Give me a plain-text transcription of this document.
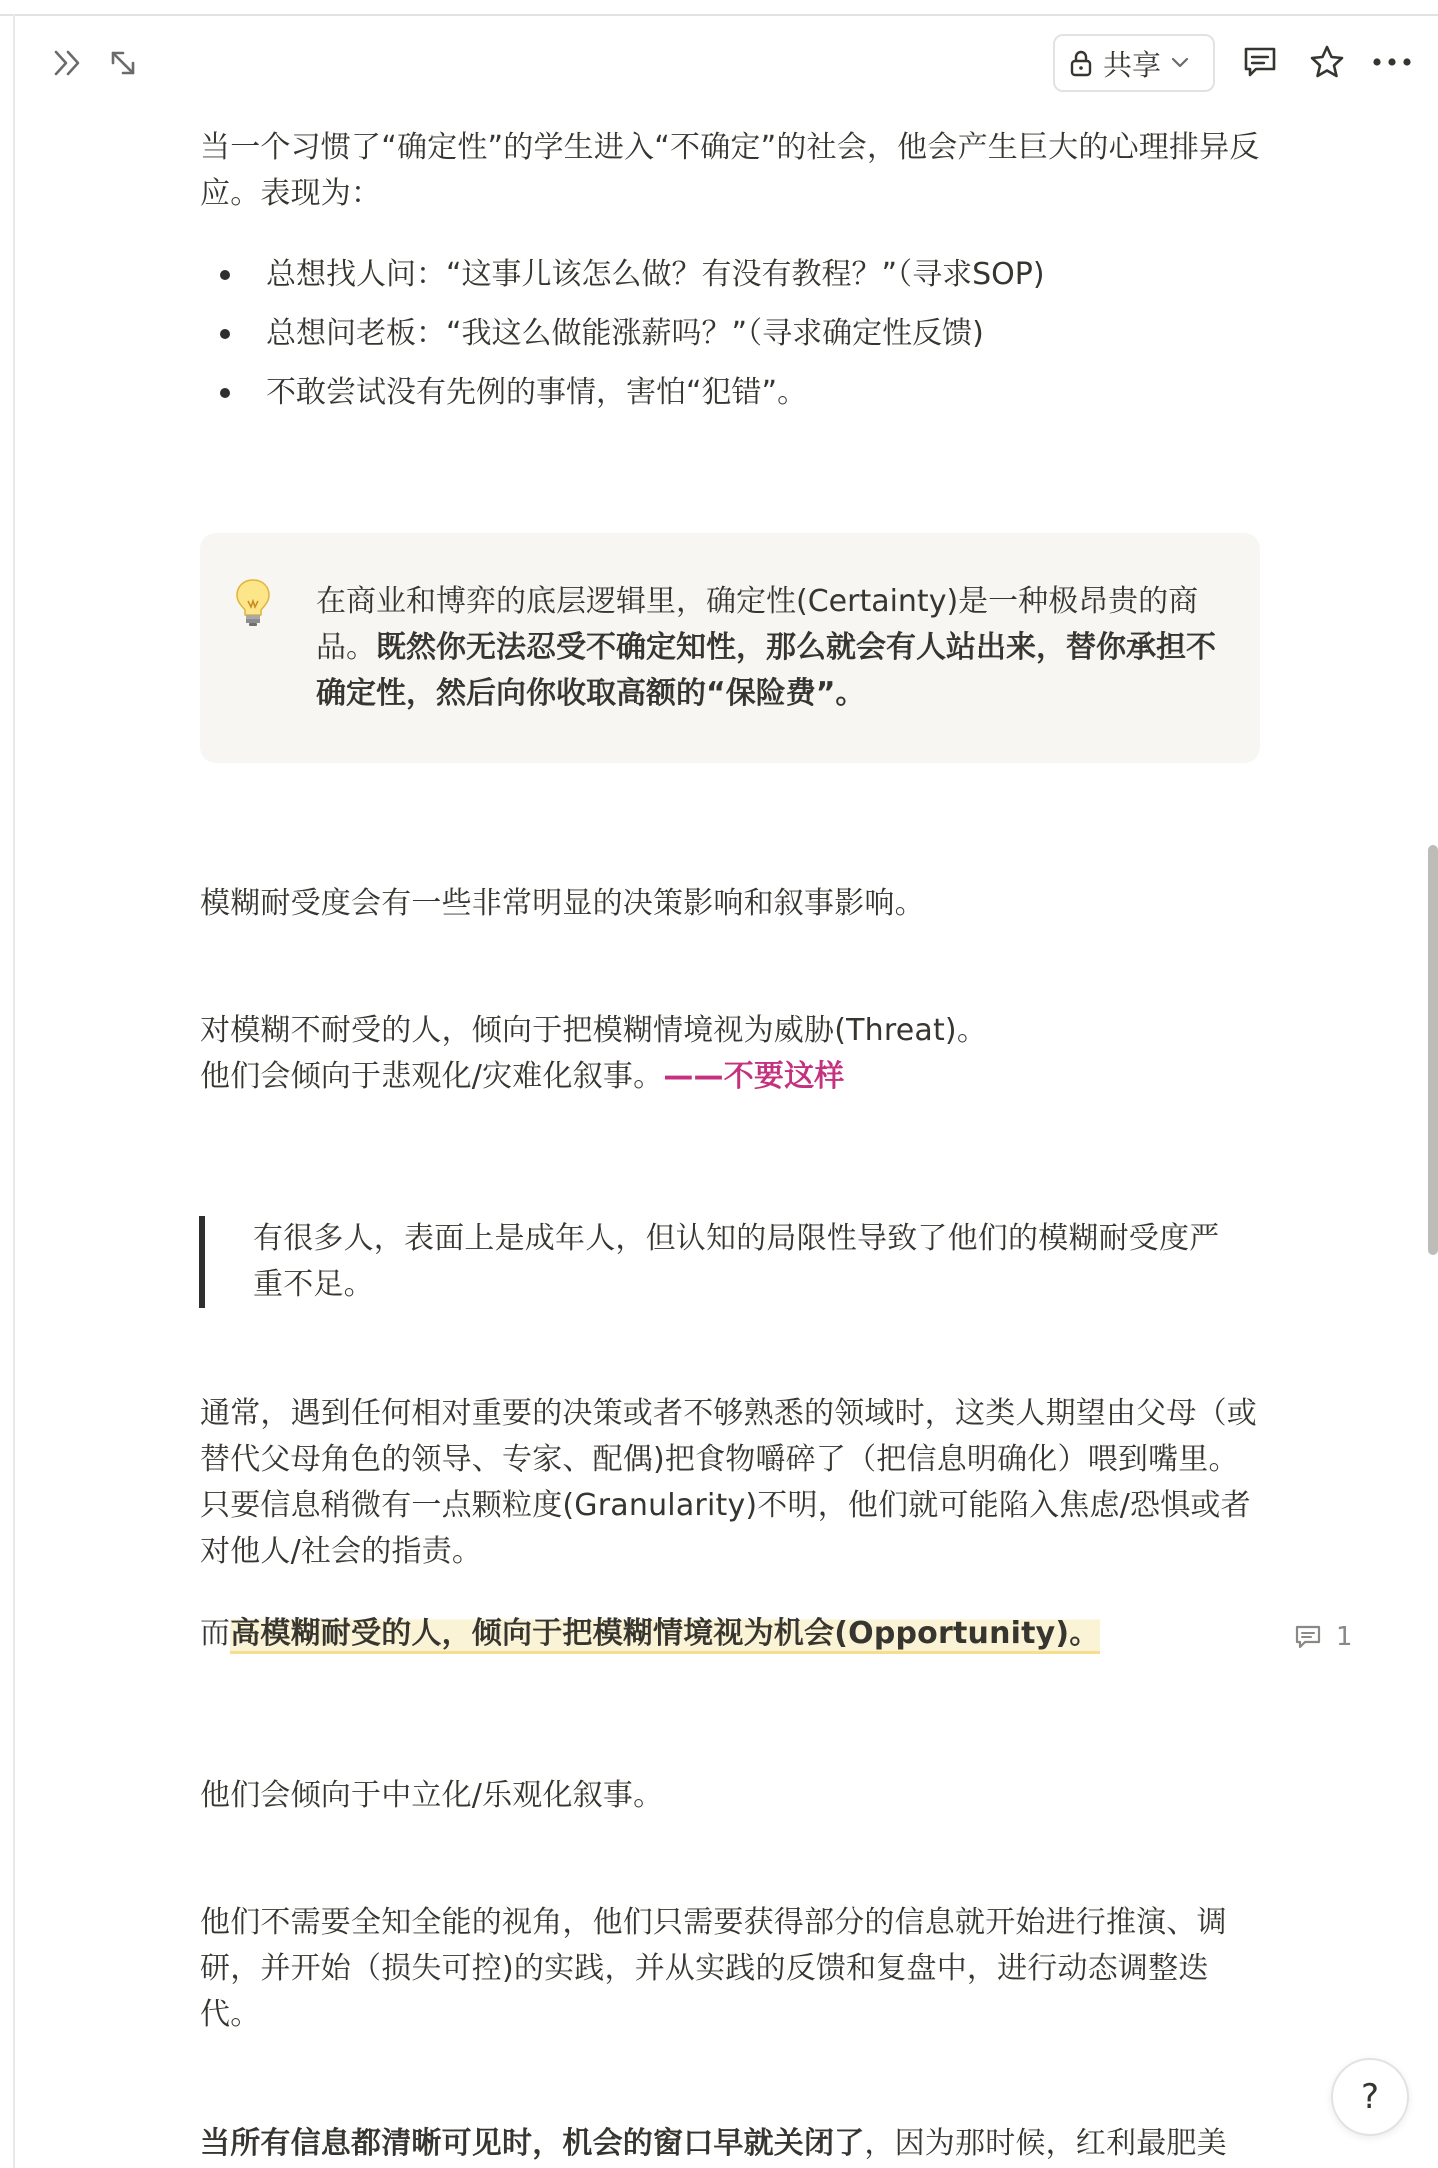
共享

当一个习惯了“确定性”的学生进入“不确定”的社会，他会产生巨大的心理排异反应。表现为：

总想找人问：“这事儿该怎么做？有没有教程？”（寻求SOP)
总想问老板：“我这么做能涨薪吗？”（寻求确定性反馈)
不敢尝试没有先例的事情，害怕“犯错”。
在商业和博弈的底层逻辑里，确定性(Certainty)是一种极昂贵的商品。既然你无法忍受不确定知性，那么就会有人站出来，替你承担不确定性，然后向你收取高额的“保险费”。

模糊耐受度会有一些非常明显的决策影响和叙事影响。

对模糊不耐受的人，倾向于把模糊情境视为威胁(Threat)。

他们会倾向于悲观化/灾难化叙事。——不要这样

有很多人，表面上是成年人，但认知的局限性导致了他们的模糊耐受度严重不足。

通常，遇到任何相对重要的决策或者不够熟悉的领域时，这类人期望由父母（或替代父母角色的领导、专家、配偶)把食物嚼碎了（把信息明确化）喂到嘴里。只要信息稍微有一点颗粒度(Granularity)不明，他们就可能陷入焦虑/恐惧或者对他人/社会的指责。

而高模糊耐受的人，倾向于把模糊情境视为机会(Opportunity)。	1

他们会倾向于中立化/乐观化叙事。

他们不需要全知全能的视角，他们只需要获得部分的信息就开始进行推演、调研，并开始（损失可控)的实践，并从实践的反馈和复盘中，进行动态调整迭代。

当所有信息都清晰可见时，机会的窗口早就关闭了，因为那时候，红利最肥美

?
